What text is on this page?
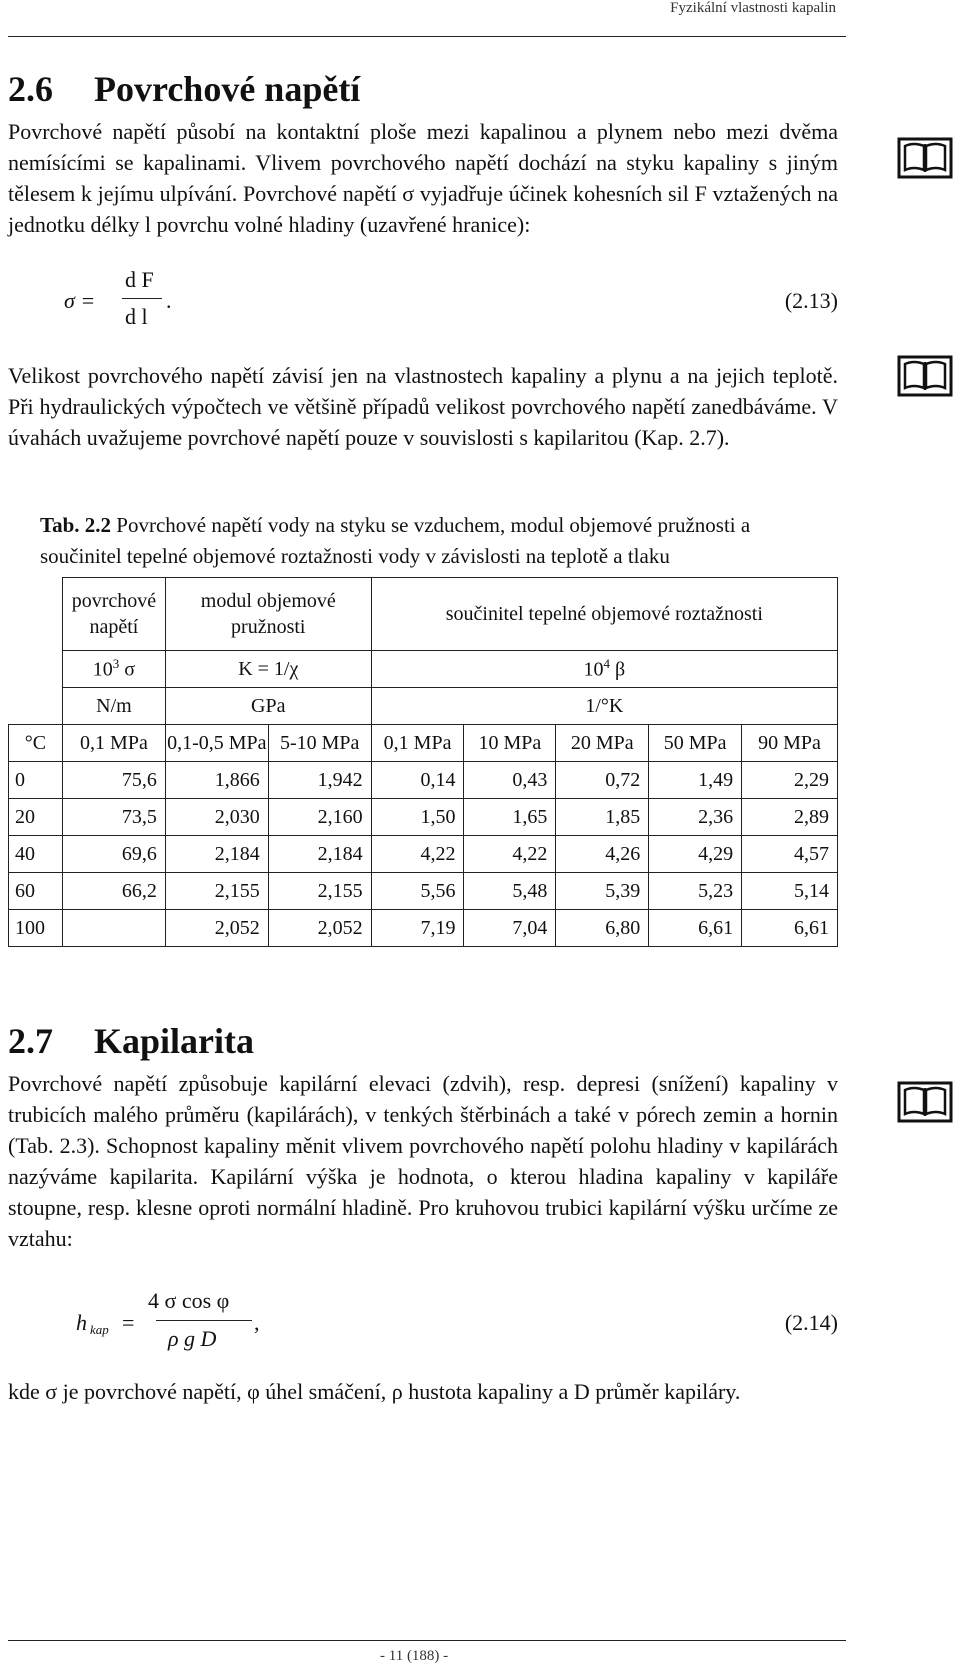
Fyzikální vlastnosti kapalin
2.6 Povrchové napětí

Povrchové napětí působí na kontaktní ploše mezi kapalinou a plynem nebo mezi dvěma nemísícími se kapalinami. Vlivem povrchového napětí dochází na styku kapaliny s jiným tělesem k jejímu ulpívání. Povrchové napětí σ vyjadřuje účinek kohesních sil F vztažených na jednotku délky l povrchu volné hladiny (uzavřené hranice):

σ =
d F
d l
.	(2.13)

Velikost povrchového napětí závisí jen na vlastnostech kapaliny a plynu a na jejich teplotě. Při hydraulických výpočtech ve většině případů velikost povrchového napětí zanedbáváme. V úvahách uvažujeme povrchové napětí pouze v souvislosti s kapilaritou (Kap. 2.7).

Tab. 2.2 Povrchové napětí vody na styku se vzduchem, modul objemové pružnosti a součinitel tepelné objemové roztažnosti vody v závislosti na teplotě a tlaku
	povrchové napětí	modul objemové pružnosti		součinitel tepelné objemové roztažnosti				
	$10^3$ σ	K = 1/χ		$10^4$ β				
	N/m	GPa		1/°K				
°C	0,1 MPa	0,1-0,5 MPa	5-10 MPa	0,1 MPa	10 MPa	20 MPa	50 MPa	90 MPa
0	75,6	1,866	1,942	0,14	0,43	0,72	1,49	2,29
20	73,5	2,030	2,160	1,50	1,65	1,85	2,36	2,89
40	69,6	2,184	2,184	4,22	4,22	4,26	4,29	4,57
60	66,2	2,155	2,155	5,56	5,48	5,39	5,23	5,14
100		2,052	2,052	7,19	7,04	6,80	6,61	6,61
2.7 Kapilarita

Povrchové napětí způsobuje kapilární elevaci (zdvih), resp. depresi (snížení) kapaliny v trubicích malého průměru (kapilárách), v tenkých štěrbinách a také v pórech zemin a hornin (Tab. 2.3). Schopnost kapaliny měnit vlivem povrchového napětí polohu hladiny v kapilárách nazýváme kapilarita. Kapilární výška je hodnota, o kterou hladina kapaliny v kapiláře stoupne, resp. klesne oproti normální hladině. Pro kruhovou trubici kapilární výšku určíme ze vztahu:

h kap =
4 σ cos φ
ρ g D
,	(2.14)

kde σ je povrchové napětí, φ úhel smáčení, ρ hustota kapaliny a D průměr kapiláry.

- 11 (188) -
